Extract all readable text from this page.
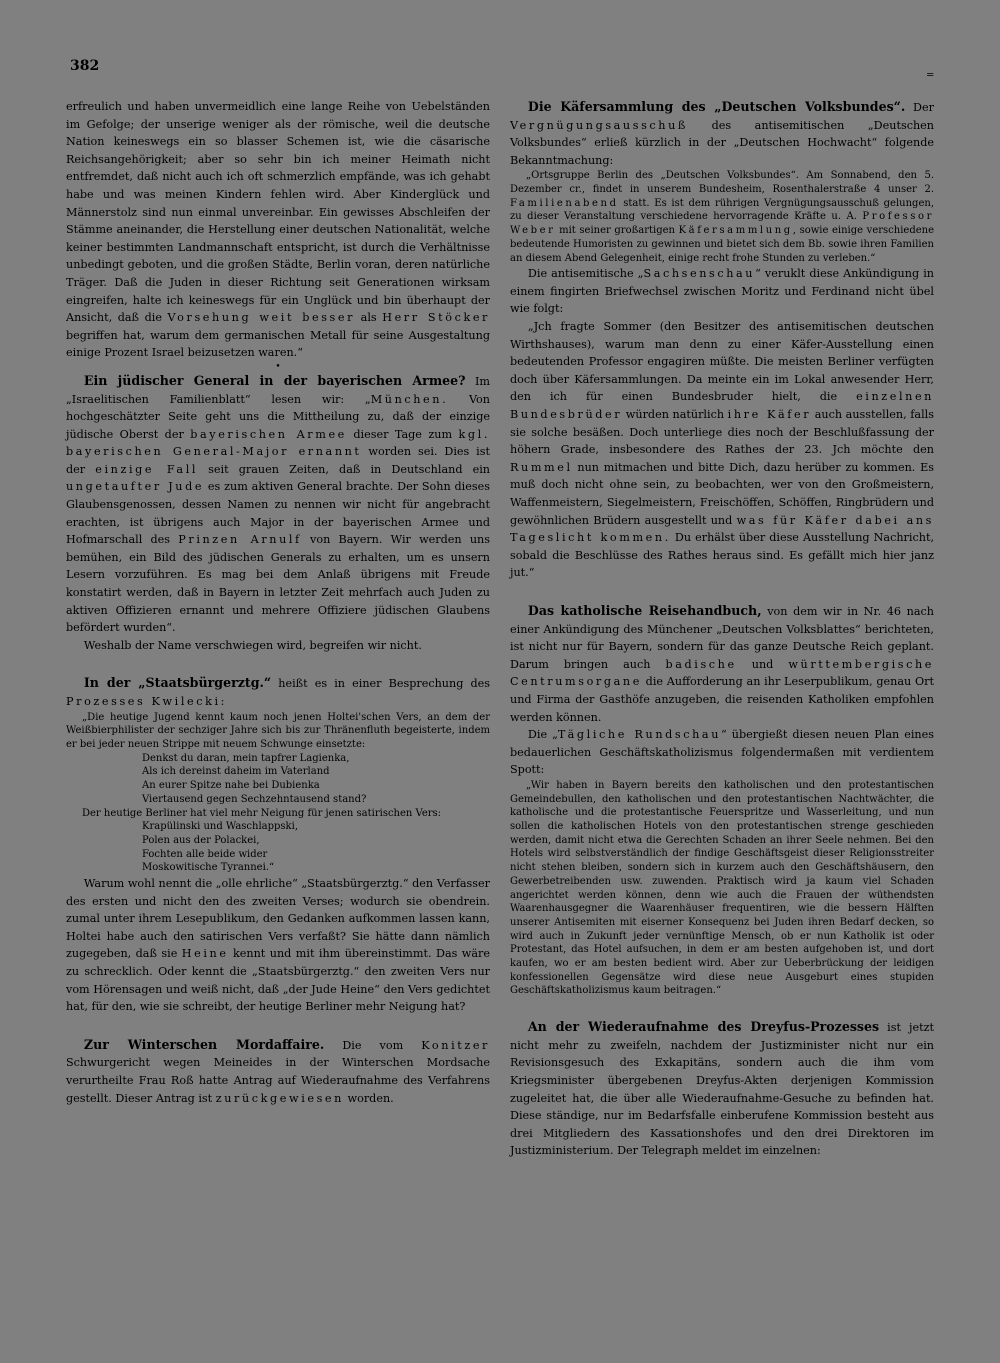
382
=

erfreulich und haben unvermeidlich eine lange Reihe von Uebelständen im Gefolge; der unserige weniger als der römische, weil die deutsche Nation keineswegs ein so blasser Schemen ist, wie die cäsarische Reichsangehörigkeit; aber so sehr bin ich meiner Heimath nicht entfremdet, daß nicht auch ich oft schmerzlich empfände, was ich gehabt habe und was meinen Kindern fehlen wird. Aber Kinderglück und Männerstolz sind nun einmal unvereinbar. Ein gewisses Abschleifen der Stämme aneinander, die Herstellung einer deutschen Nationalität, welche keiner bestimmten Landmannschaft entspricht, ist durch die Verhältnisse unbedingt geboten, und die großen Städte, Berlin voran, deren natürliche Träger. Daß die Juden in dieser Richtung seit Generationen wirksam eingreifen, halte ich keineswegs für ein Unglück und bin überhaupt der Ansicht, daß die Vorsehung weit besser als Herr Stöcker begriffen hat, warum dem germanischen Metall für seine Ausgestaltung einige Prozent Israel beizusetzen waren.“

•

Ein jüdischer General in der bayerischen Armee? Im „Israelitischen Familienblatt“ lesen wir: „München. Von hochgeschätzter Seite geht uns die Mittheilung zu, daß der einzige jüdische Oberst der bayerischen Armee dieser Tage zum kgl. bayerischen General-Major ernannt worden sei. Dies ist der einzige Fall seit grauen Zeiten, daß in Deutschland ein ungetaufter Jude es zum aktiven General brachte. Der Sohn dieses Glaubensgenossen, dessen Namen zu nennen wir nicht für angebracht erachten, ist übrigens auch Major in der bayerischen Armee und Hofmarschall des Prinzen Arnulf von Bayern. Wir werden uns bemühen, ein Bild des jüdischen Generals zu erhalten, um es unsern Lesern vorzuführen. Es mag bei dem Anlaß übrigens mit Freude konstatirt werden, daß in Bayern in letzter Zeit mehrfach auch Juden zu aktiven Offizieren ernannt und mehrere Offiziere jüdischen Glaubens befördert wurden“.

Weshalb der Name verschwiegen wird, begreifen wir nicht.

In der „Staatsbürgerztg.“ heißt es in einer Besprechung des Prozesses Kwilecki:

„Die heutige Jugend kennt kaum noch jenen Holtei'schen Vers, an dem der Weißbierphilister der sechziger Jahre sich bis zur Thränenfluth begeisterte, indem er bei jeder neuen Strippe mit neuem Schwunge einsetzte:

Denkst du daran, mein tapfrer Lagienka,
Als ich dereinst daheim im Vaterland
An eurer Spitze nahe bei Dubienka
Viertausend gegen Sechzehntausend stand?

Der heutige Berliner hat viel mehr Neigung für jenen satirischen Vers:

Krapülinski und Waschlappski,
Polen aus der Polackei,
Fochten alle beide wider
Moskowitische Tyrannei.“

Warum wohl nennt die „olle ehrliche“ „Staatsbürgerztg.“ den Verfasser des ersten und nicht den des zweiten Verses; wodurch sie obendrein. zumal unter ihrem Lesepublikum, den Gedanken aufkommen lassen kann, Holtei habe auch den satirischen Vers verfaßt? Sie hätte dann nämlich zugegeben, daß sie Heine kennt und mit ihm übereinstimmt. Das wäre zu schrecklich. Oder kennt die „Staatsbürgerztg.“ den zweiten Vers nur vom Hörensagen und weiß nicht, daß „der Jude Heine“ den Vers gedichtet hat, für den, wie sie schreibt, der heutige Berliner mehr Neigung hat?

Zur Winterschen Mordaffaire. Die vom Konitzer Schwurgericht wegen Meineides in der Winterschen Mordsache verurtheilte Frau Roß hatte Antrag auf Wiederaufnahme des Verfahrens gestellt. Dieser Antrag ist zurückgewiesen worden.

Die Käfersammlung des „Deutschen Volksbundes“. Der Vergnügungsausschuß des antisemitischen „Deutschen Volksbundes“ erließ kürzlich in der „Deutschen Hochwacht“ folgende Bekanntmachung:

„Ortsgruppe Berlin des „Deutschen Volksbundes“. Am Sonnabend, den 5. Dezember cr., findet in unserem Bundesheim, Rosenthalerstraße 4 unser 2. Familienabend statt. Es ist dem rührigen Vergnügungsausschuß gelungen, zu dieser Veranstaltung verschiedene hervorragende Kräfte u. A. Professor Weber mit seiner großartigen Käfersammlung, sowie einige verschiedene bedeutende Humoristen zu gewinnen und bietet sich dem Bb. sowie ihren Familien an diesem Abend Gelegenheit, einige recht frohe Stunden zu verleben.“

Die antisemitische „Sachsenschau“ veruklt diese Ankündigung in einem fingirten Briefwechsel zwischen Moritz und Ferdinand nicht übel wie folgt:

„Jch fragte Sommer (den Besitzer des antisemitischen deutschen Wirthshauses), warum man denn zu einer Käfer-Ausstellung einen bedeutenden Professor engagiren müßte. Die meisten Berliner verfügten doch über Käfersammlungen. Da meinte ein im Lokal anwesender Herr, den ich für einen Bundesbruder hielt, die einzelnen Bundesbrüder würden natürlich ihre Käfer auch ausstellen, falls sie solche besäßen. Doch unterliege dies noch der Beschlußfassung der höhern Grade, insbesondere des Rathes der 23. Jch möchte den Rummel nun mitmachen und bitte Dich, dazu herüber zu kommen. Es muß doch nicht ohne sein, zu beobachten, wer von den Großmeistern, Waffenmeistern, Siegelmeistern, Freischöffen, Schöffen, Ringbrüdern und gewöhnlichen Brüdern ausgestellt und was für Käfer dabei ans Tageslicht kommen. Du erhälst über diese Ausstellung Nachricht, sobald die Beschlüsse des Rathes heraus sind. Es gefällt mich hier janz jut.“

Das katholische Reisehandbuch, von dem wir in Nr. 46 nach einer Ankündigung des Münchener „Deutschen Volksblattes“ berichteten, ist nicht nur für Bayern, sondern für das ganze Deutsche Reich geplant. Darum bringen auch badische und württembergische Centrumsorgane die Aufforderung an ihr Leserpublikum, genau Ort und Firma der Gasthöfe anzugeben, die reisenden Katholiken empfohlen werden können.

Die „Tägliche Rundschau“ übergießt diesen neuen Plan eines bedauerlichen Geschäftskatholizismus folgendermaßen mit verdientem Spott:

„Wir haben in Bayern bereits den katholischen und den protestantischen Gemeindebullen, den katholischen und den protestantischen Nachtwächter, die katholische und die protestantische Feuerspritze und Wasserleitung, und nun sollen die katholischen Hotels von den protestantischen strenge geschieden werden, damit nicht etwa die Gerechten Schaden an ihrer Seele nehmen. Bei den Hotels wird selbstverständlich der findige Geschäftsgeist dieser Religionsstreiter nicht stehen bleiben, sondern sich in kurzem auch den Geschäftshäusern, den Gewerbetreibenden usw. zuwenden. Praktisch wird ja kaum viel Schaden angerichtet werden können, denn wie auch die Frauen der wüthendsten Waarenhausgegner die Waarenhäuser frequentiren, wie die bessern Hälften unserer Antisemiten mit eiserner Konsequenz bei Juden ihren Bedarf decken, so wird auch in Zukunft jeder vernünftige Mensch, ob er nun Katholik ist oder Protestant, das Hotel aufsuchen, in dem er am besten aufgehoben ist, und dort kaufen, wo er am besten bedient wird. Aber zur Ueberbrückung der leidigen konfessionellen Gegensätze wird diese neue Ausgeburt eines stupiden Geschäftskatholizismus kaum beitragen.“

An der Wiederaufnahme des Dreyfus-Prozesses ist jetzt nicht mehr zu zweifeln, nachdem der Justizminister nicht nur ein Revisionsgesuch des Exkapitäns, sondern auch die ihm vom Kriegsminister übergebenen Dreyfus-Akten derjenigen Kommission zugeleitet hat, die über alle Wiederaufnahme-Gesuche zu befinden hat. Diese ständige, nur im Bedarfsfalle einberufene Kommission besteht aus drei Mitgliedern des Kassationshofes und den drei Direktoren im Justizministerium. Der Telegraph meldet im einzelnen:
